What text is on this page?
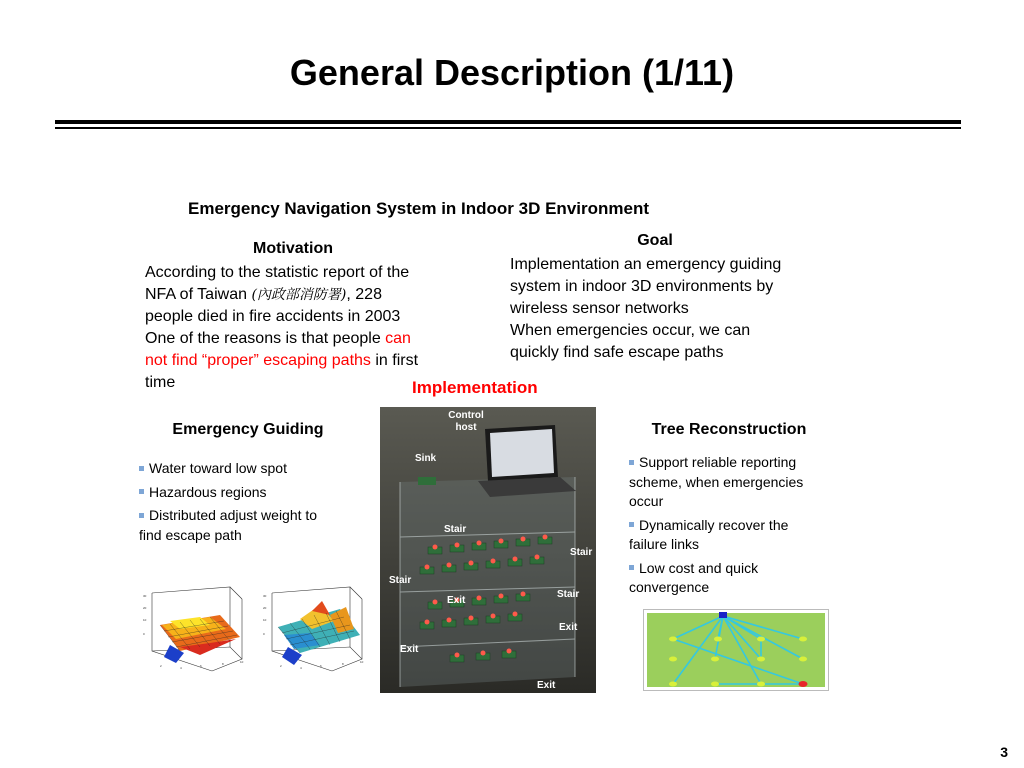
General Description (1/11)
Emergency Navigation System in Indoor 3D Environment
Motivation
According to the statistic report of the
NFA of Taiwan (內政部消防署), 228
people died in fire accidents in 2003
One of the reasons is that people can
not find “proper” escaping paths in first
time
Goal
Implementation an emergency guiding
system in indoor 3D environments by
wireless sensor networks
When emergencies occur, we can
quickly find safe escape paths
Implementation
Emergency Guiding
Water toward low spot
Hazardous regions
Distributed adjust weight to
find escape path
30
20
10
0
2	4	6	8	10
30
20
10
0
2	4	6	8	10
Control
host
Sink
Stair
Stair
Stair
Stair
Exit
Exit
Exit
Exit
Tree Reconstruction
Support reliable reporting
scheme, when emergencies
occur
Dynamically recover the
failure links
Low cost and quick
convergence
3
